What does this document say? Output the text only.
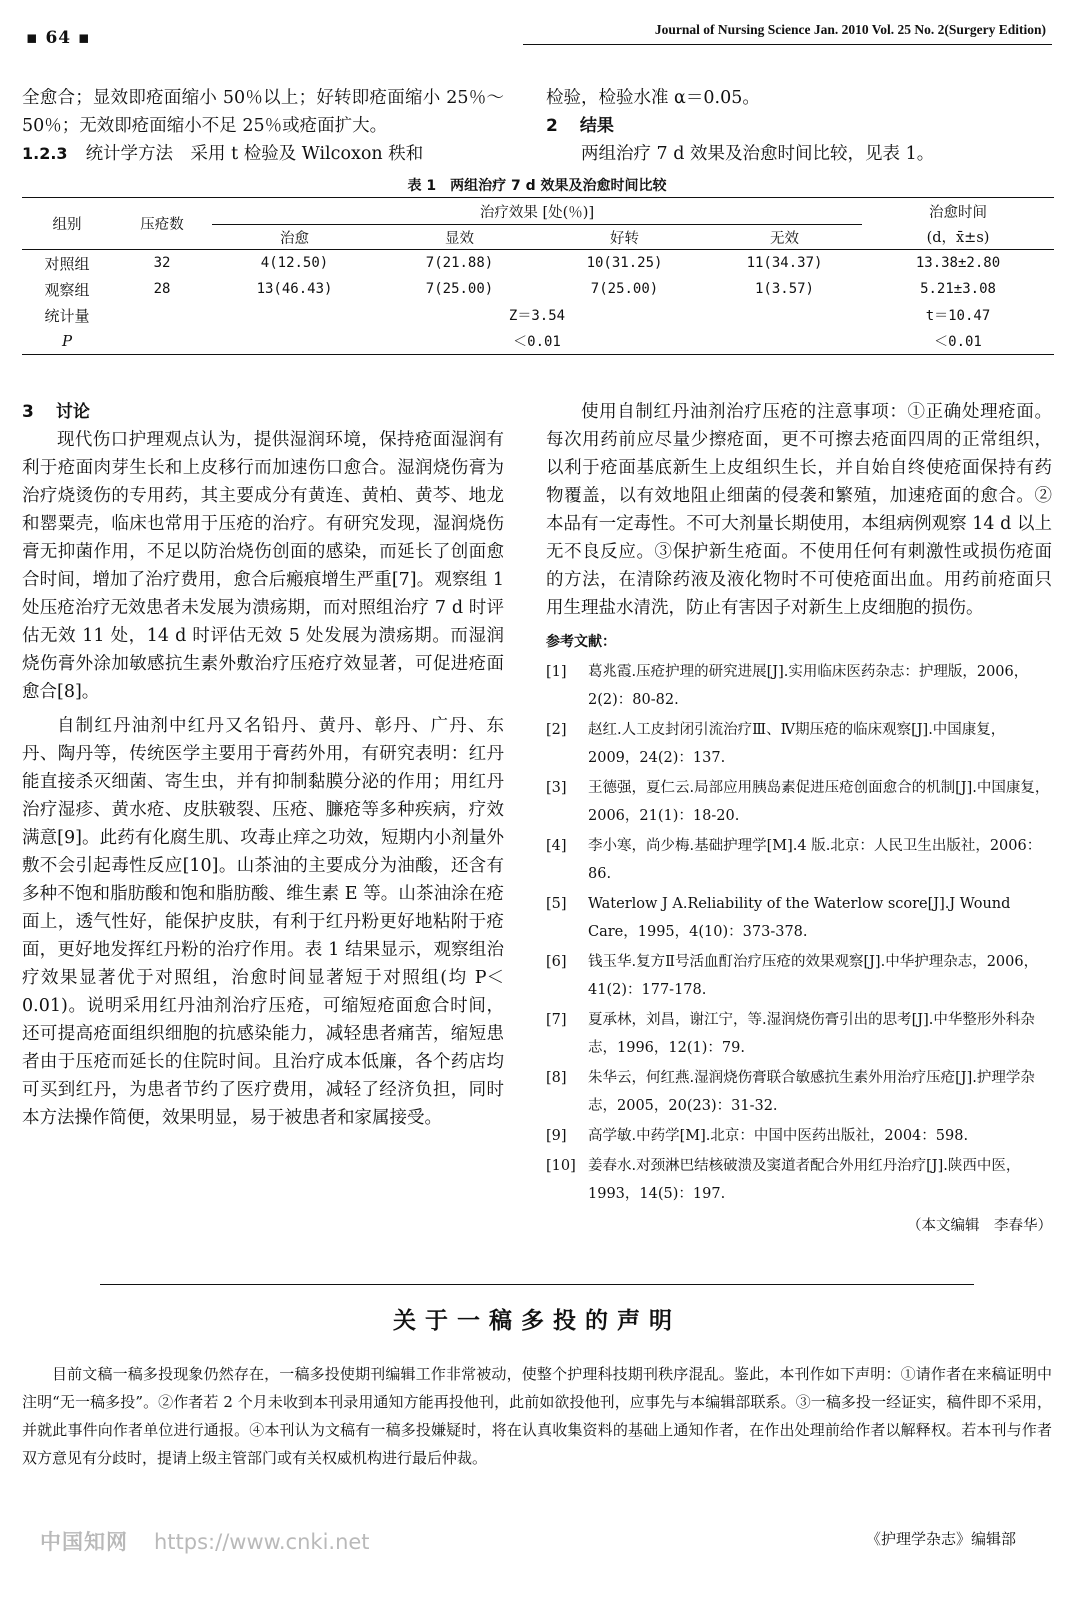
▪ 64 ▪	Journal of Nursing Science Jan. 2010 Vol. 25 No. 2(Surgery Edition)

全愈合；显效即疮面缩小 50％以上；好转即疮面缩小 25％～50％；无效即疮面缩小不足 25％或疮面扩大。

1.2.3 统计学方法　采用 t 检验及 Wilcoxon 秩和

检验，检验水准 α＝0.05。

2 结果

两组治疗 7 d 效果及治愈时间比较，见表 1。

表 1　两组治疗 7 d 效果及治愈时间比较
组别	压疮数	治疗效果 [处(％)]				治愈时间
		治愈	显效	好转	无效	(d，x̄±s)
对照组	32	4(12.50)	7(21.88)	10(31.25)	11(34.37)	13.38±2.80
观察组	28	13(46.43)	7(25.00)	7(25.00)	1(3.57)	5.21±3.08
统计量		Z＝3.54				t＝10.47
P		＜0.01				＜0.01

3 讨论

现代伤口护理观点认为，提供湿润环境，保持疮面湿润有利于疮面肉芽生长和上皮移行而加速伤口愈合。湿润烧伤膏为治疗烧烫伤的专用药，其主要成分有黄连、黄柏、黄芩、地龙和罂粟壳，临床也常用于压疮的治疗。有研究发现，湿润烧伤膏无抑菌作用，不足以防治烧伤创面的感染，而延长了创面愈合时间，增加了治疗费用，愈合后瘢痕增生严重[7]。观察组 1 处压疮治疗无效患者未发展为溃疡期，而对照组治疗 7 d 时评估无效 11 处，14 d 时评估无效 5 处发展为溃疡期。而湿润烧伤膏外涂加敏感抗生素外敷治疗压疮疗效显著，可促进疮面愈合[8]。

自制红丹油剂中红丹又名铅丹、黄丹、彰丹、广丹、东丹、陶丹等，传统医学主要用于膏药外用，有研究表明：红丹能直接杀灭细菌、寄生虫，并有抑制黏膜分泌的作用；用红丹治疗湿疹、黄水疮、皮肤皲裂、压疮、臁疮等多种疾病，疗效满意[9]。此药有化腐生肌、攻毒止痒之功效，短期内小剂量外敷不会引起毒性反应[10]。山茶油的主要成分为油酸，还含有多种不饱和脂肪酸和饱和脂肪酸、维生素 E 等。山茶油涂在疮面上，透气性好，能保护皮肤，有利于红丹粉更好地粘附于疮面，更好地发挥红丹粉的治疗作用。表 1 结果显示，观察组治疗效果显著优于对照组，治愈时间显著短于对照组(均 P＜0.01)。说明采用红丹油剂治疗压疮，可缩短疮面愈合时间，还可提高疮面组织细胞的抗感染能力，减轻患者痛苦，缩短患者由于压疮而延长的住院时间。且治疗成本低廉，各个药店均可买到红丹，为患者节约了医疗费用，减轻了经济负担，同时本方法操作简便，效果明显，易于被患者和家属接受。

使用自制红丹油剂治疗压疮的注意事项：①正确处理疮面。每次用药前应尽量少擦疮面，更不可擦去疮面四周的正常组织，以利于疮面基底新生上皮组织生长，并自始自终使疮面保持有药物覆盖，以有效地阻止细菌的侵袭和繁殖，加速疮面的愈合。②本品有一定毒性。不可大剂量长期使用，本组病例观察 14 d 以上无不良反应。③保护新生疮面。不使用任何有刺激性或损伤疮面的方法，在清除药液及液化物时不可使疮面出血。用药前疮面只用生理盐水清洗，防止有害因子对新生上皮细胞的损伤。

参考文献：
[1]	葛兆霞.压疮护理的研究进展[J].实用临床医药杂志：护理版，2006，2(2)：80-82.
[2]	赵红.人工皮封闭引流治疗Ⅲ、Ⅳ期压疮的临床观察[J].中国康复，2009，24(2)：137.
[3]	王德强，夏仁云.局部应用胰岛素促进压疮创面愈合的机制[J].中国康复，2006，21(1)：18-20.
[4]	李小寒，尚少梅.基础护理学[M].4 版.北京：人民卫生出版社，2006：86.
[5]	Waterlow J A.Reliability of the Waterlow score[J].J Wound Care，1995，4(10)：373-378.
[6]	钱玉华.复方Ⅱ号活血酊治疗压疮的效果观察[J].中华护理杂志，2006，41(2)：177-178.
[7]	夏承林，刘昌，谢江宁，等.湿润烧伤膏引出的思考[J].中华整形外科杂志，1996，12(1)：79.
[8]	朱华云，何红燕.湿润烧伤膏联合敏感抗生素外用治疗压疮[J].护理学杂志，2005，20(23)：31-32.
[9]	高学敏.中药学[M].北京：中国中医药出版社，2004：598.
[10] 姜春水.对颈淋巴结核破溃及窦道者配合外用红丹治疗[J].陕西中医，1993，14(5)：197.
（本文编辑　李春华）
关于一稿多投的声明
目前文稿一稿多投现象仍然存在，一稿多投使期刊编辑工作非常被动，使整个护理科技期刊秩序混乱。鉴此，本刊作如下声明：①请作者在来稿证明中注明“无一稿多投”。②作者若 2 个月未收到本刊录用通知方能再投他刊，此前如欲投他刊，应事先与本编辑部联系。③一稿多投一经证实，稿件即不采用，并就此事件向作者单位进行通报。④本刊认为文稿有一稿多投嫌疑时，将在认真收集资料的基础上通知作者，在作出处理前给作者以解释权。若本刊与作者双方意见有分歧时，提请上级主管部门或有关权威机构进行最后仲裁。
《护理学杂志》编辑部
中国知网 https://www.cnki.net
